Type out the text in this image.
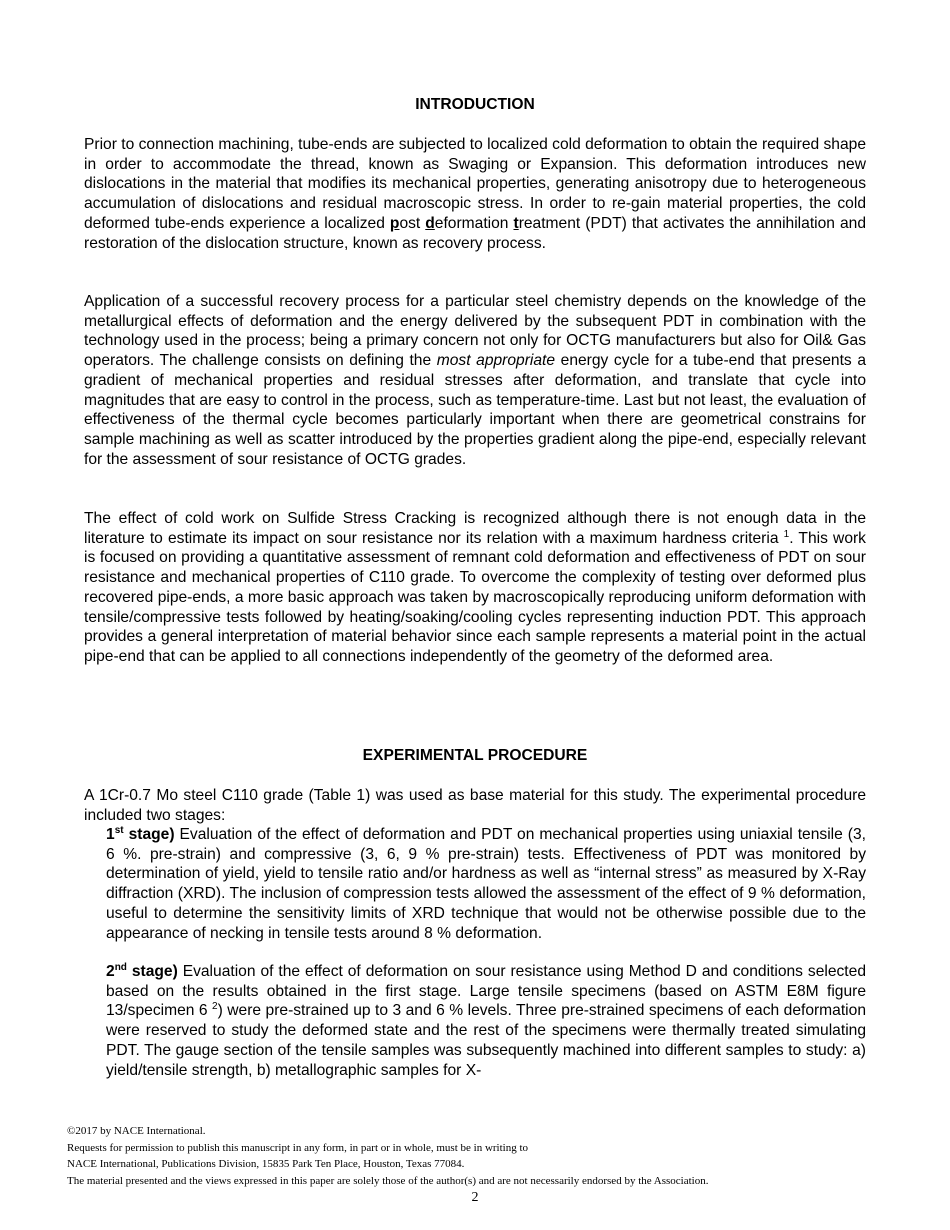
INTRODUCTION

Prior to connection machining, tube-ends are subjected to localized cold deformation to obtain the required shape in order to accommodate the thread, known as Swaging or Expansion. This deformation introduces new dislocations in the material that modifies its mechanical properties, generating anisotropy due to heterogeneous accumulation of dislocations and residual macroscopic stress. In order to re-gain material properties, the cold deformed tube-ends experience a localized post deformation treatment (PDT) that activates the annihilation and restoration of the dislocation structure, known as recovery process.

Application of a successful recovery process for a particular steel chemistry depends on the knowledge of the metallurgical effects of deformation and the energy delivered by the subsequent PDT in combination with the technology used in the process; being a primary concern not only for OCTG manufacturers but also for Oil& Gas operators. The challenge consists on defining the most appropriate energy cycle for a tube-end that presents a gradient of mechanical properties and residual stresses after deformation, and translate that cycle into magnitudes that are easy to control in the process, such as temperature-time. Last but not least, the evaluation of effectiveness of the thermal cycle becomes particularly important when there are geometrical constrains for sample machining as well as scatter introduced by the properties gradient along the pipe-end, especially relevant for the assessment of sour resistance of OCTG grades.

The effect of cold work on Sulfide Stress Cracking is recognized although there is not enough data in the literature to estimate its impact on sour resistance nor its relation with a maximum hardness criteria $^1$. This work is focused on providing a quantitative assessment of remnant cold deformation and effectiveness of PDT on sour resistance and mechanical properties of C110 grade. To overcome the complexity of testing over deformed plus recovered pipe-ends, a more basic approach was taken by macroscopically reproducing uniform deformation with tensile/compressive tests followed by heating/soaking/cooling cycles representing induction PDT. This approach provides a general interpretation of material behavior since each sample represents a material point in the actual pipe-end that can be applied to all connections independently of the geometry of the deformed area.

EXPERIMENTAL PROCEDURE

A 1Cr-0.7 Mo steel C110 grade (Table 1) was used as base material for this study. The experimental procedure included two stages:

1st stage) Evaluation of the effect of deformation and PDT on mechanical properties using uniaxial tensile (3, 6 %. pre-strain) and compressive (3, 6, 9 % pre-strain) tests. Effectiveness of PDT was monitored by determination of yield, yield to tensile ratio and/or hardness as well as “internal stress” as measured by X-Ray diffraction (XRD). The inclusion of compression tests allowed the assessment of the effect of 9 % deformation, useful to determine the sensitivity limits of XRD technique that would not be otherwise possible due to the appearance of necking in tensile tests around 8 % deformation.

2nd stage) Evaluation of the effect of deformation on sour resistance using Method D and conditions selected based on the results obtained in the first stage. Large tensile specimens (based on ASTM E8M figure 13/specimen 6 $^2$) were pre-strained up to 3 and 6 % levels. Three pre-strained specimens of each deformation were reserved to study the deformed state and the rest of the specimens were thermally treated simulating PDT. The gauge section of the tensile samples was subsequently machined into different samples to study: a) yield/tensile strength, b) metallographic samples for X-

©2017 by NACE International.
Requests for permission to publish this manuscript in any form, in part or in whole, must be in writing to
NACE International, Publications Division, 15835 Park Ten Place, Houston, Texas 77084.
The material presented and the views expressed in this paper are solely those of the author(s) and are not necessarily endorsed by the Association.
2
